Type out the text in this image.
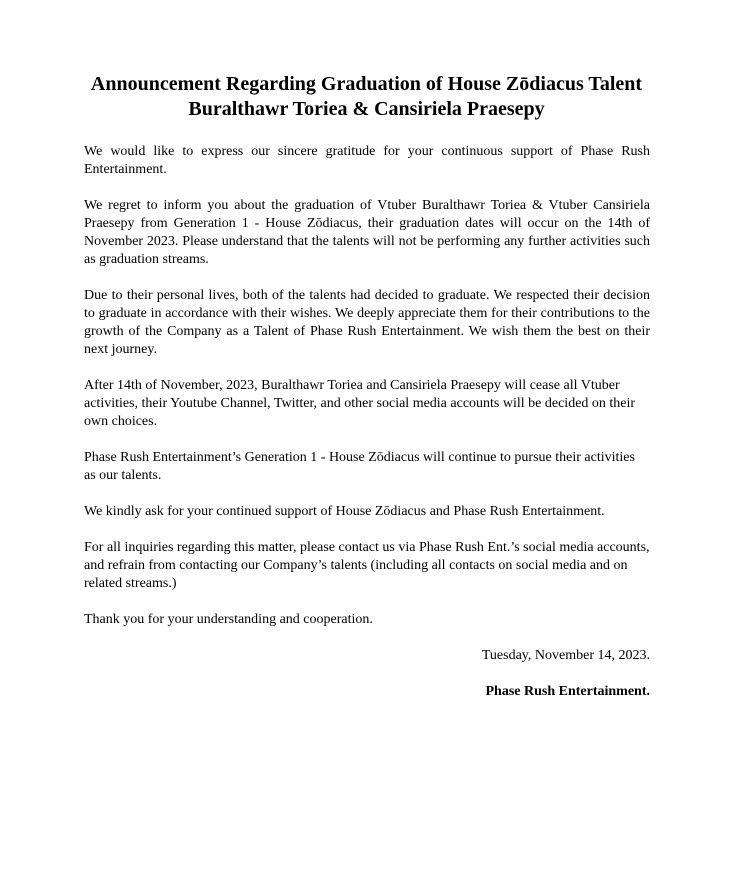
Announcement Regarding Graduation of House Zōdiacus Talent
Buralthawr Toriea & Cansiriela Praesepy

We would like to express our sincere gratitude for your continuous support of Phase Rush Entertainment.

We regret to inform you about the graduation of Vtuber Buralthawr Toriea & Vtuber Cansiriela Praesepy from Generation 1 - House Zōdiacus, their graduation dates will occur on the 14th of November 2023. Please understand that the talents will not be performing any further activities such as graduation streams.

Due to their personal lives, both of the talents had decided to graduate. We respected their decision to graduate in accordance with their wishes. We deeply appreciate them for their contributions to the growth of the Company as a Talent of Phase Rush Entertainment. We wish them the best on their next journey.

After 14th of November, 2023, Buralthawr Toriea and Cansiriela Praesepy will cease all Vtuber activities, their Youtube Channel, Twitter, and other social media accounts will be decided on their own choices.

Phase Rush Entertainment’s Generation 1 - House Zōdiacus will continue to pursue their activities as our talents.

We kindly ask for your continued support of House Zōdiacus and Phase Rush Entertainment.

For all inquiries regarding this matter, please contact us via Phase Rush Ent.’s social media accounts, and refrain from contacting our Company’s talents (including all contacts on social media and on related streams.)

Thank you for your understanding and cooperation.

Tuesday, November 14, 2023.

Phase Rush Entertainment.
